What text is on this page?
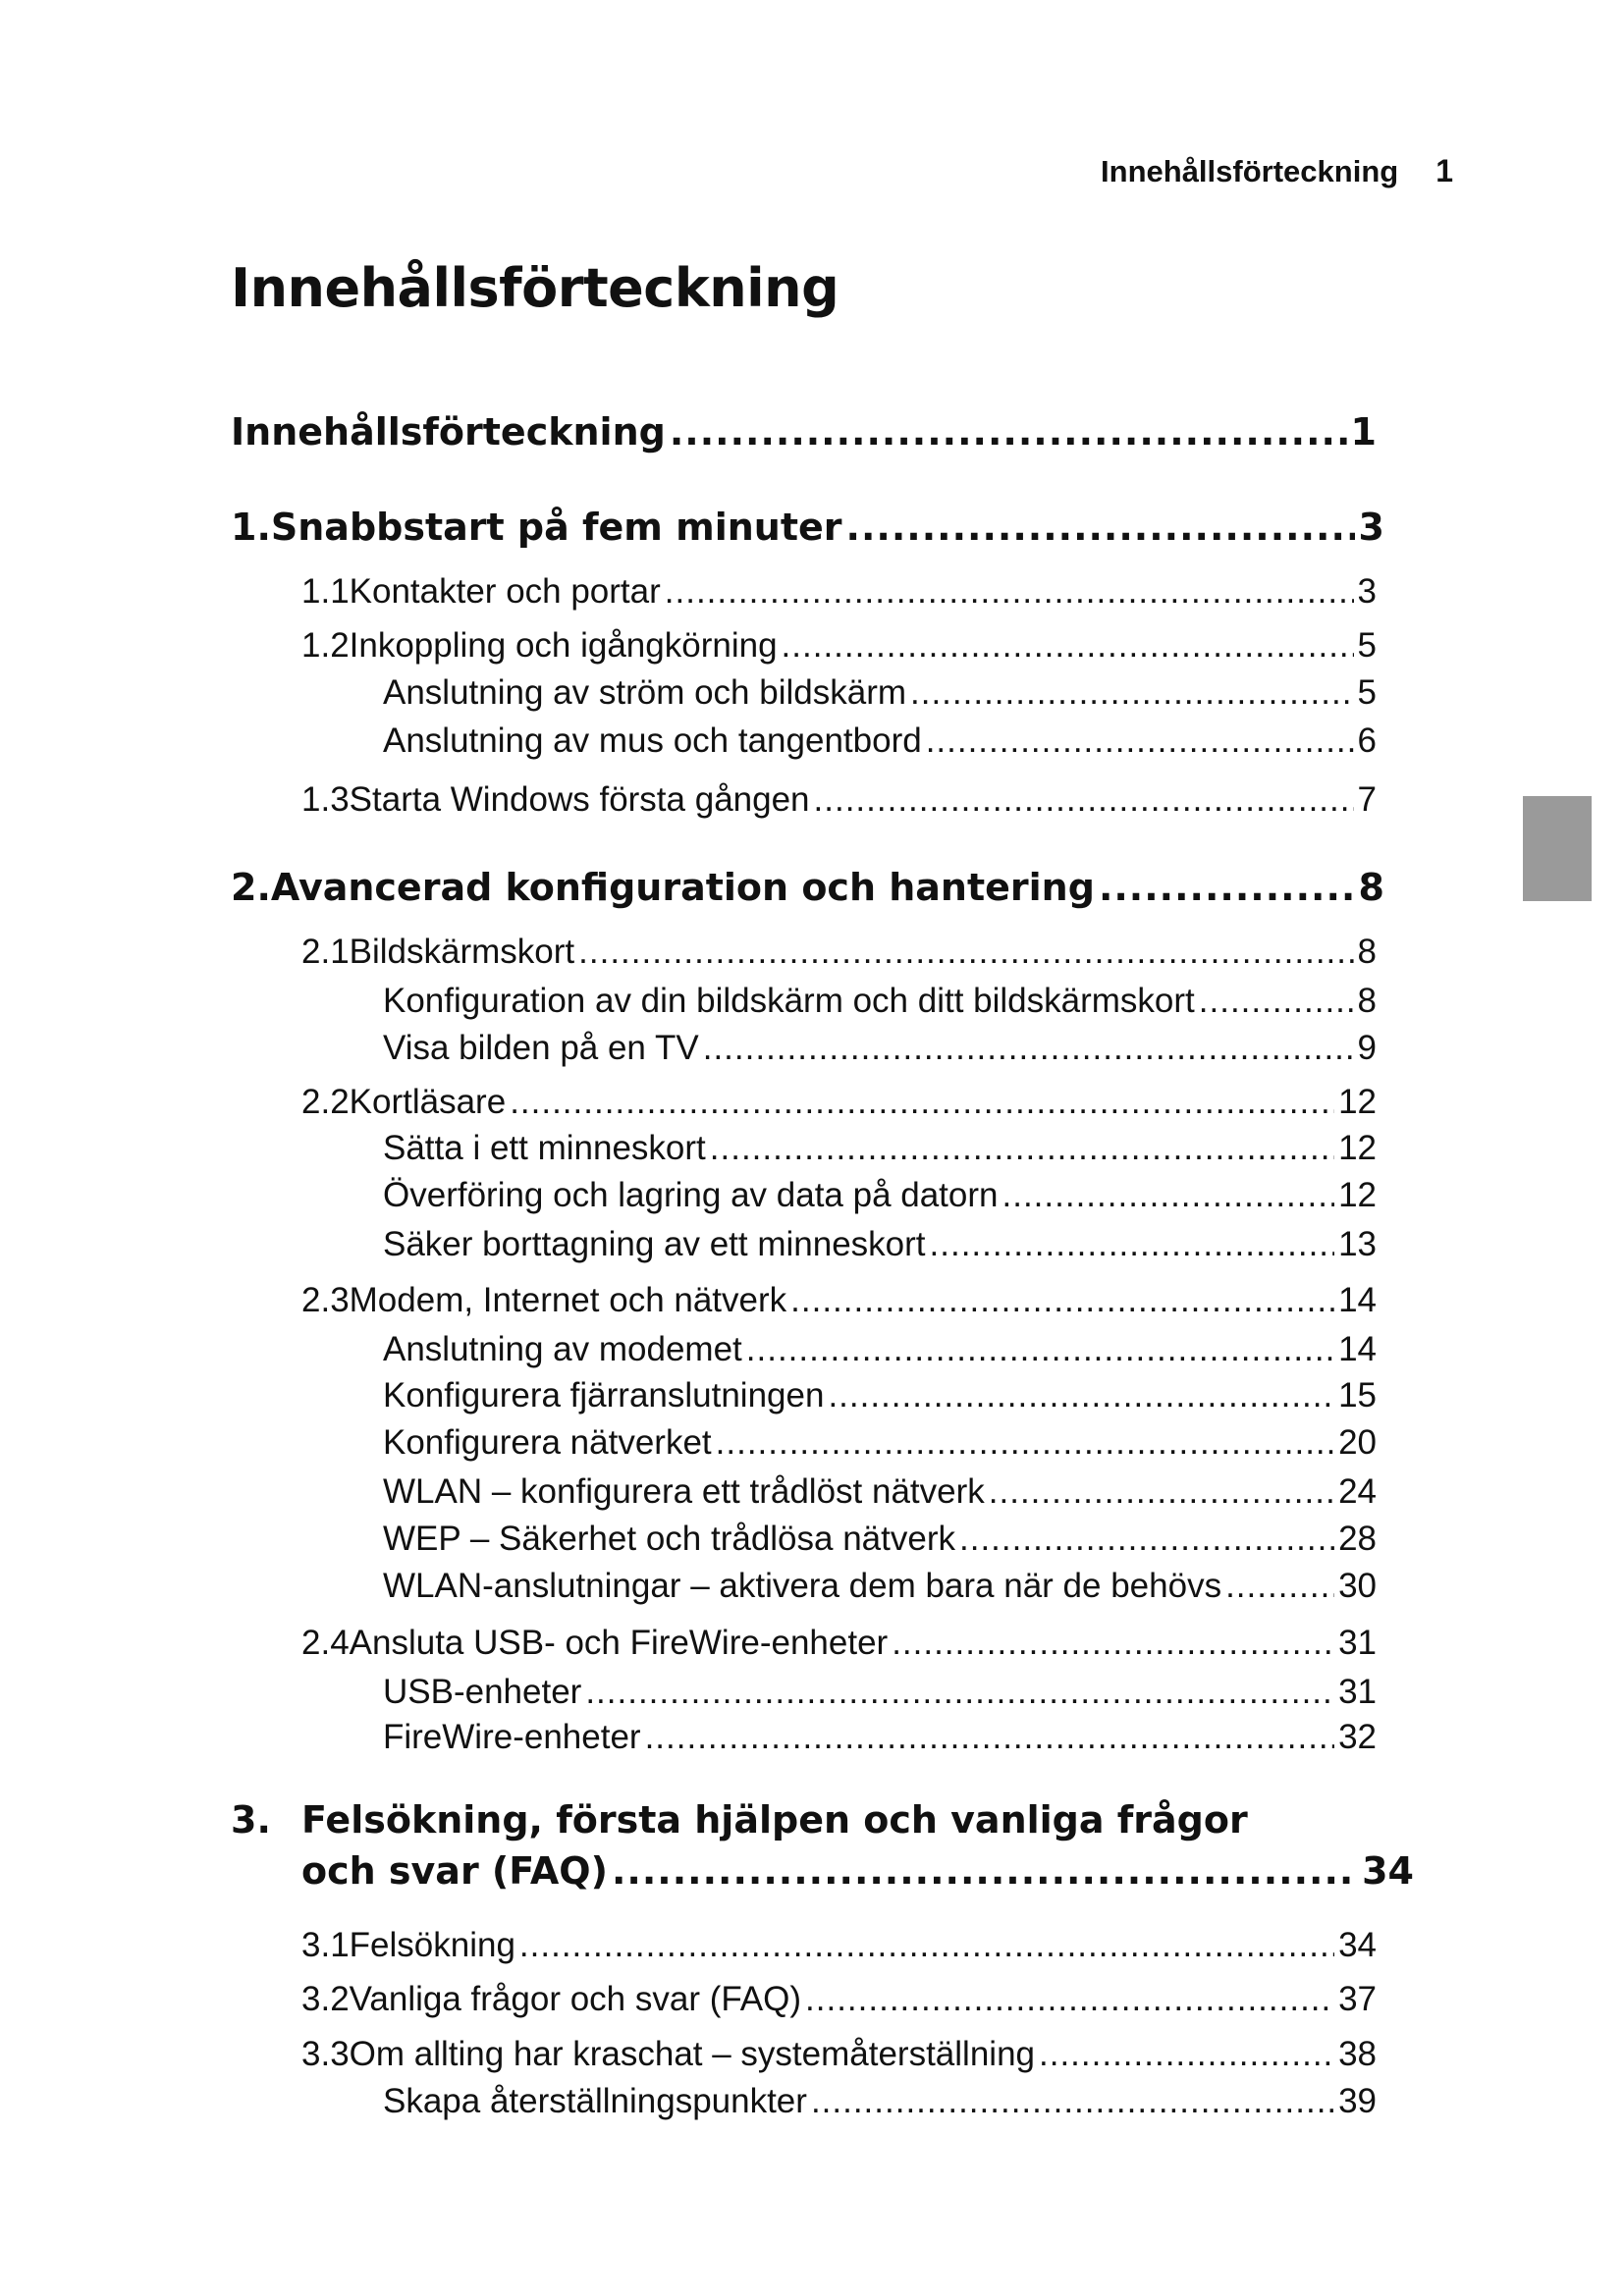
Innehållsförteckning 1
Innehållsförteckning
Innehållsförteckning .....	1
1. Snabbstart på fem minuter .....	3
1.1 Kontakter och portar .....	3
1.2 Inkoppling och igångkörning .....	5
Anslutning av ström och bildskärm .....	5
Anslutning av mus och tangentbord .....	6
1.3 Starta Windows första gången .....	7
2. Avancerad konfiguration och hantering .....	8
2.1 Bildskärmskort .....	8
Konfiguration av din bildskärm och ditt bildskärmskort .....	8
Visa bilden på en TV .....	9
2.2 Kortläsare .....	12
Sätta i ett minneskort .....	12
Överföring och lagring av data på datorn .....	12
Säker borttagning av ett minneskort .....	13
2.3 Modem, Internet och nätverk .....	14
Anslutning av modemet .....	14
Konfigurera fjärranslutningen .....	15
Konfigurera nätverket .....	20
WLAN – konfigurera ett trådlöst nätverk .....	24
WEP – Säkerhet och trådlösa nätverk .....	28
WLAN-anslutningar – aktivera dem bara när de behövs .....	30
2.4 Ansluta USB- och FireWire-enheter .....	31
USB-enheter .....	31
FireWire-enheter .....	32
3. Felsökning, första hjälpen och vanliga frågor
och svar (FAQ) .....	34
3.1 Felsökning .....	34
3.2 Vanliga frågor och svar (FAQ) .....	37
3.3 Om allting har kraschat – systemåterställning .....	38
Skapa återställningspunkter .....	39
